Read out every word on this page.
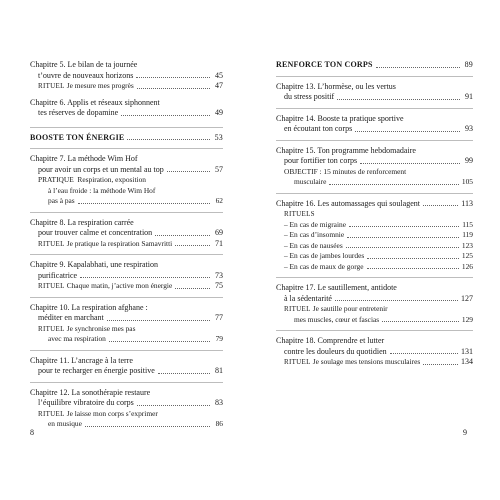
Chapitre 5. Le bilan de ta journée
t’ouvre de nouveaux horizons	45
RITUEL Je mesure mes progrès	47
Chapitre 6. Applis et réseaux siphonnent
tes réserves de dopamine	49
BOOSTE TON ÉNERGIE	53
Chapitre 7. La méthode Wim Hof
pour avoir un corps et un mental au top	57
PRATIQUE  Respiration, exposition
à l’eau froide : la méthode Wim Hof
pas à pas	62
Chapitre 8. La respiration carrée
pour trouver calme et concentration	69
RITUEL Je pratique la respiration Samavritti	71
Chapitre 9. Kapalabhati, une respiration
purificatrice	73
RITUEL Chaque matin, j’active mon énergie	75
Chapitre 10. La respiration afghane :
méditer en marchant	77
RITUEL Je synchronise mes pas
avec ma respiration	79
Chapitre 11. L’ancrage à la terre
pour te recharger en énergie positive	81
Chapitre 12. La sonothérapie restaure
l’équilibre vibratoire du corps	83
RITUEL Je laisse mon corps s’exprimer
en musique	86
RENFORCE TON CORPS	89
Chapitre 13. L’hormèse, ou les vertus
du stress positif	91
Chapitre 14. Booste ta pratique sportive
en écoutant ton corps	93
Chapitre 15. Ton programme hebdomadaire
pour fortifier ton corps	99
OBJECTIF : 15 minutes de renforcement
musculaire	105
Chapitre 16. Les automassages qui soulagent	113
RITUELS
– En cas de migraine	115
– En cas d’insomnie	119
– En cas de nausées	123
– En cas de jambes lourdes	125
– En cas de maux de gorge	126
Chapitre 17. Le sautillement, antidote
à la sédentarité	127
RITUEL Je sautille pour entretenir
mes muscles, cœur et fascias	129
Chapitre 18. Comprendre et lutter
contre les douleurs du quotidien	131
RITUEL Je soulage mes tensions musculaires	134
8	9
